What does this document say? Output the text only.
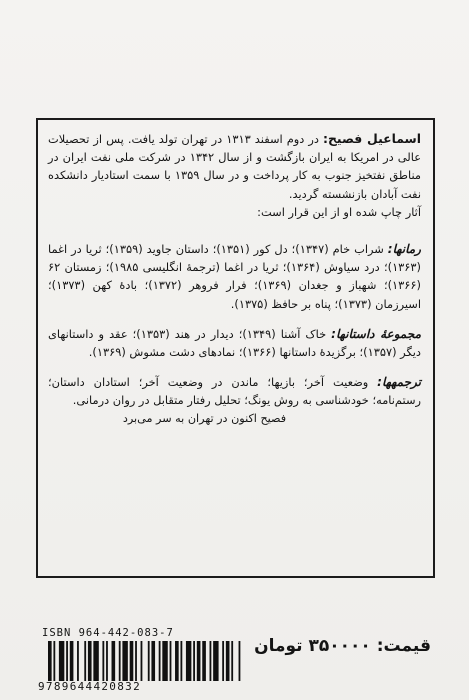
اسماعیل فصیح: در دوم اسفند ۱۳۱۳ در تهران تولد یافت. پس از تحصیلات عالی در امریکا به ایران بازگشت و از سال ۱۳۴۲ در شرکت ملی نفت ایران در مناطق نفتخیز جنوب به کار پرداخت و در سال ۱۳۵۹ با سمت استادیار دانشکده نفت آبادان بازنشسته گردید.

آثار چاپ شده او از این قرار است:

رمانها: شراب خام (۱۳۴۷)؛ دل کور (۱۳۵۱)؛ داستان جاوید (۱۳۵۹)؛ ثریا در اغما (۱۳۶۳)؛ درد سیاوش (۱۳۶۴)؛ ثریا در اغما (ترجمهٔ انگلیسی ۱۹۸۵)؛ زمستان ۶۲ (۱۳۶۶)؛ شهباز و جغدان (۱۳۶۹)؛ فرار فروهر (۱۳۷۲)؛ بادهٔ کهن (۱۳۷۳)؛ اسیرزمان (۱۳۷۳)؛ پناه بر حافظ (۱۳۷۵).

مجموعهٔ داستانها: خاک آشنا (۱۳۴۹)؛ دیدار در هند (۱۳۵۳)؛ عقد و داستانهای دیگر (۱۳۵۷)؛ برگزیدهٔ داستانها (۱۳۶۶)؛ نمادهای دشت مشوش (۱۳۶۹).

ترجمهها: وضعیت آخر؛ بازیها؛ ماندن در وضعیت آخر؛ استادان داستان؛ رستم‌نامه؛ خودشناسی به روش یونگ؛ تحلیل رفتار متقابل در روان درمانی.

فصیح اکنون در تهران به سر می‌برد

قیمت:۳۵۰۰۰۰ تومان
ISBN 964-442-083-7
9789644420832
